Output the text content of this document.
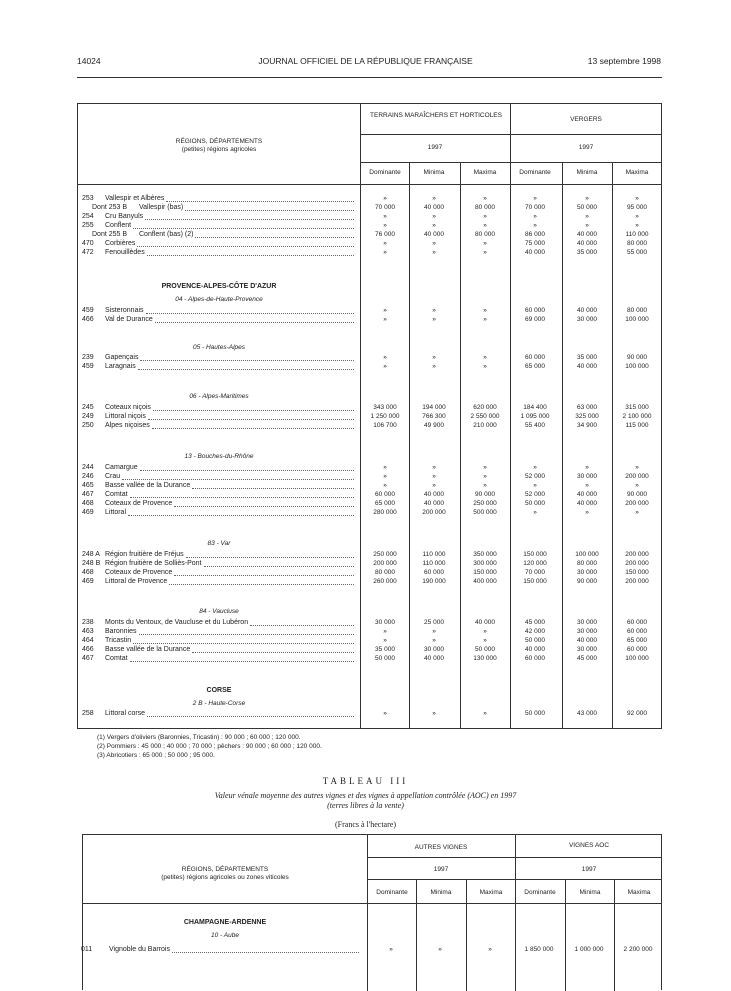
14024	JOURNAL OFFICIEL DE LA RÉPUBLIQUE FRANÇAISE	13 septembre 1998
RÉGIONS, DÉPARTEMENTS
(petites) régions agricoles
TERRAINS MARAÎCHERS ET HORTICOLES
VERGERS
1997	1997
Dominante	Minima	Maxima	Dominante	Minima	Maxima
PROVENCE-ALPES-CÔTE D'AZUR
04 - Alpes-de-Haute-Provence
05 - Hautes-Alpes
06 - Alpes-Maritimes
13 - Bouches-du-Rhône
83 - Var
84 - Vaucluse
CORSE
2 B - Haute-Corse
253 Vallespir et Albères	»	»	»	»	»	»
Dont 253 B Vallespir (bas)	70 000	40 000	80 000	70 000	50 000	95 000
254 Cru Banyuls	»	»	»	»	»	»
255 Conflent	»	»	»	»	»	»
Dont 255 B Conflent (bas) (2)	76 000	40 000	80 000	86 000	40 000	110 000
470 Corbières	»	»	»	75 000	40 000	80 000
472 Fenouillèdes	»	»	»	40 000	35 000	55 000
459 Sisteronnais	»	»	»	60 000	40 000	80 000
466 Val de Durance	»	»	»	69 000	30 000	100 000
239 Gapençais	»	»	»	60 000	35 000	90 000
459 Laragnais	»	»	»	65 000	40 000	100 000
245 Coteaux niçois	343 000	194 000	620 000	184 400	63 000	315 000
249 Littoral niçois	1 250 000	766 300	2 550 000	1 095 000	325 000	2 100 000
250 Alpes niçoises	106 700	49 900	210 000	55 400	34 900	115 000
244 Camargue	»	»	»	»	»	»
246 Crau	»	»	»	52 000	30 000	200 000
465 Basse vallée de la Durance	»	»	»	»	»	»
467 Comtat	60 000	40 000	90 000	52 000	40 000	90 000
468 Coteaux de Provence	65 000	40 000	250 000	50 000	40 000	200 000
469 Littoral	280 000	200 000	500 000	»	»	»
248 A Région fruitière de Fréjus	250 000	110 000	350 000	150 000	100 000	200 000
248 B Région fruitière de Solliès-Pont	200 000	110 000	300 000	120 000	80 000	200 000
468 Coteaux de Provence	80 000	60 000	150 000	70 000	30 000	150 000
469 Littoral de Provence	260 000	190 000	400 000	150 000	90 000	200 000
238 Monts du Ventoux, de Vaucluse et du Lubéron	30 000	25 000	40 000	45 000	30 000	60 000
463 Baronnies	»	»	»	42 000	30 000	60 000
464 Tricastin	»	»	»	50 000	40 000	65 000
466 Basse vallée de la Durance	35 000	30 000	50 000	40 000	30 000	60 000
467 Comtat	50 000	40 000	130 000	60 000	45 000	100 000
258 Littoral corse	»	»	»	50 000	43 000	92 000
(1) Vergers d'oliviers (Baronnies, Tricastin) : 90 000 ; 60 000 ; 120 000.
(2) Pommiers : 45 000 ; 40 000 ; 70 000 ; pêchers : 90 000 ; 60 000 ; 120 000.
(3) Abricotiers : 65 000 ; 50 000 ; 95 000.
TABLEAU III
Valeur vénale moyenne des autres vignes et des vignes à appellation contrôlée (AOC) en 1997
(terres libres à la vente)
(Francs à l'hectare)
RÉGIONS, DÉPARTEMENTS
(petites) régions agricoles ou zones viticoles
AUTRES VIGNES	VIGNES AOC
1997	1997
Dominante	Minima	Maxima	Dominante	Minima	Maxima
CHAMPAGNE-ARDENNE
10 - Aube
011 Vignoble du Barrois	»	»	»	1 850 000	1 000 000	2 200 000
